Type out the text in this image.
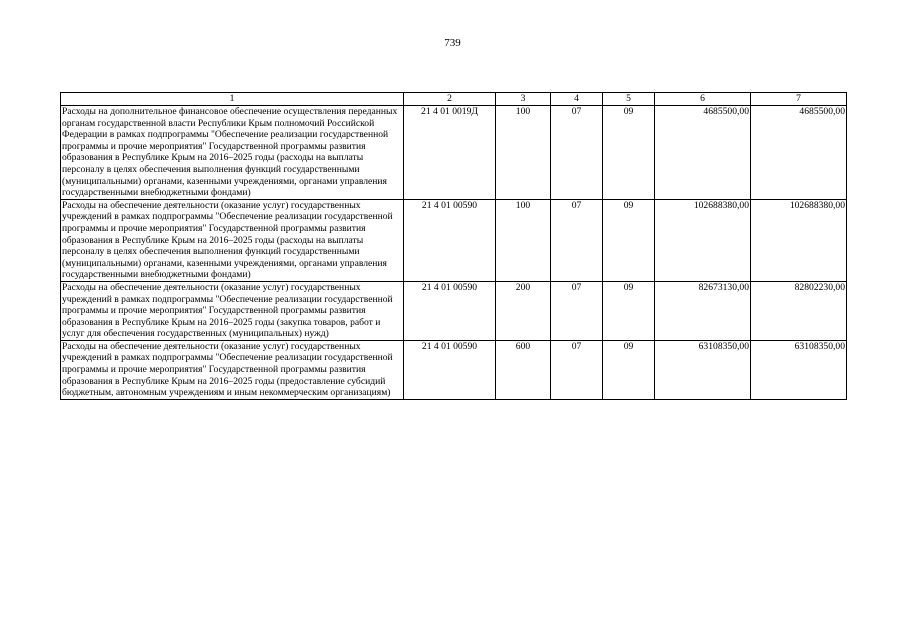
739
1	2	3	4	5	6	7
Расходы на дополнительное финансовое обеспечение осуществления переданных органам государственной власти Республики Крым полномочий Российской Федерации в рамках подпрограммы "Обеспечение реализации государственной программы и прочие мероприятия" Государственной программы развития образования в Республике Крым на 2016–2025 годы (расходы на выплаты персоналу в целях обеспечения выполнения функций государственными (муниципальными) органами, казенными учреждениями, органами управления государственными внебюджетными фондами)	21 4 01 0019Д	100	07	09	4685500,00	4685500,00
Расходы на обеспечение деятельности (оказание услуг) государственных учреждений в рамках подпрограммы "Обеспечение реализации государственной программы и прочие мероприятия" Государственной программы развития образования в Республике Крым на 2016–2025 годы (расходы на выплаты персоналу в целях обеспечения выполнения функций государственными (муниципальными) органами, казенными учреждениями, органами управления государственными внебюджетными фондами)	21 4 01 00590	100	07	09	102688380,00	102688380,00
Расходы на обеспечение деятельности (оказание услуг) государственных учреждений в рамках подпрограммы "Обеспечение реализации государственной программы и прочие мероприятия" Государственной программы развития образования в Республике Крым на 2016–2025 годы (закупка товаров, работ и услуг для обеспечения государственных (муниципальных) нужд)	21 4 01 00590	200	07	09	82673130,00	82802230,00
Расходы на обеспечение деятельности (оказание услуг) государственных учреждений в рамках подпрограммы "Обеспечение реализации государственной программы и прочие мероприятия" Государственной программы развития образования в Республике Крым на 2016–2025 годы (предоставление субсидий бюджетным, автономным учреждениям и иным некоммерческим организациям)	21 4 01 00590	600	07	09	63108350,00	63108350,00
